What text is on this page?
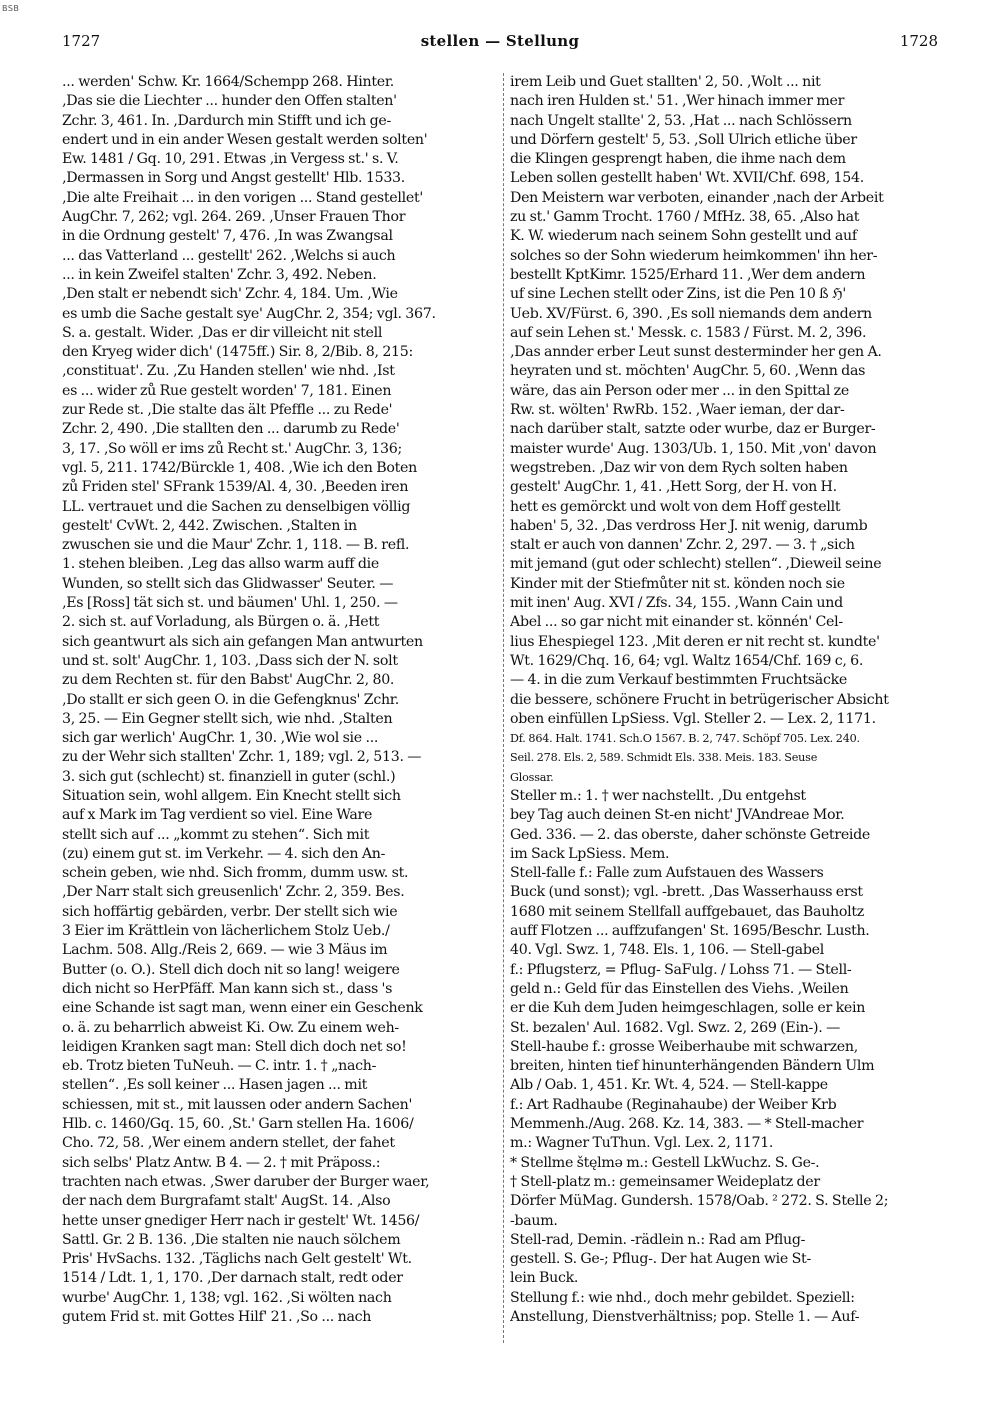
BSB
1727	stellen — Stellung	1728
... werden' Schw. Kr. 1664/Schempp 268. Hinter.
‚Das sie die Liechter ... hunder den Offen stalten'
Zchr. 3, 461. In. ‚Dardurch min Stifft und ich ge-
endert und in ein ander Wesen gestalt werden solten'
Ew. 1481 / Gq. 10, 291. Etwas ‚in Vergess st.' s. V.
‚Dermassen in Sorg und Angst gestellt' Hlb. 1533.
‚Die alte Freihait ... in den vorigen ... Stand gestellet'
AugChr. 7, 262; vgl. 264. 269. ‚Unser Frauen Thor
in die Ordnung gestelt' 7, 476. ‚In was Zwangsal
... das Vatterland ... gestellt' 262. ‚Welchs si auch
... in kein Zweifel stalten' Zchr. 3, 492. Neben.
‚Den stalt er nebendt sich' Zchr. 4, 184. Um. ‚Wie
es umb die Sache gestalt sye' AugChr. 2, 354; vgl. 367.
S. a. gestalt. Wider. ‚Das er dir villeicht nit stell
den Kryeg wider dich' (1475ff.) Sir. 8, 2/Bib. 8, 215:
‚constituat'. Zu. ‚Zu Handen stellen' wie nhd. ‚Ist
es ... wider zů Rue gestelt worden' 7, 181. Einen
zur Rede st. ‚Die stalte das ält Pfeffle ... zu Rede'
Zchr. 2, 490. ‚Die stallten den ... darumb zu Rede'
3, 17. ‚So wöll er ims zů Recht st.' AugChr. 3, 136;
vgl. 5, 211. 1742/Bürckle 1, 408. ‚Wie ich den Boten
zů Friden stel' SFrank 1539/Al. 4, 30. ‚Beeden iren
LL. vertrauet und die Sachen zu denselbigen völlig
gestelt' CvWt. 2, 442. Zwischen. ‚Stalten in
zwuschen sie und die Maur' Zchr. 1, 118. — B. refl.
1. stehen bleiben. ‚Leg das allso warm auff die
Wunden, so stellt sich das Glidwasser' Seuter. —
‚Es [Ross] tät sich st. und bäumen' Uhl. 1, 250. —
2. sich st. auf Vorladung, als Bürgen o. ä. ‚Hett
sich geantwurt als sich ain gefangen Man antwurten
und st. solt' AugChr. 1, 103. ‚Dass sich der N. solt
zu dem Rechten st. für den Babst' AugChr. 2, 80.
‚Do stallt er sich geen O. in die Gefengknus' Zchr.
3, 25. — Ein Gegner stellt sich, wie nhd. ‚Stalten
sich gar werlich' AugChr. 1, 30. ‚Wie wol sie ...
zu der Wehr sich stallten' Zchr. 1, 189; vgl. 2, 513. —
3. sich gut (schlecht) st. finanziell in guter (schl.)
Situation sein, wohl allgem. Ein Knecht stellt sich
auf x Mark im Tag verdient so viel. Eine Ware
stellt sich auf ... „kommt zu stehen“. Sich mit
(zu) einem gut st. im Verkehr. — 4. sich den An-
schein geben, wie nhd. Sich fromm, dumm usw. st.
‚Der Narr stalt sich greusenlich' Zchr. 2, 359. Bes.
sich hoffärtig gebärden, verbr. Der stellt sich wie
3 Eier im Krättlein von lächerlichem Stolz Ueb./
Lachm. 508. Allg./Reis 2, 669. — wie 3 Mäus im
Butter (o. O.). Stell dich doch nit so lang! weigere
dich nicht so HerPfäff. Man kann sich st., dass 's
eine Schande ist sagt man, wenn einer ein Geschenk
o. ä. zu beharrlich abweist Ki. Ow. Zu einem weh-
leidigen Kranken sagt man: Stell dich doch net so!
eb. Trotz bieten TuNeuh. — C. intr. 1. † „nach-
stellen“. ‚Es soll keiner ... Hasen jagen ... mit
schiessen, mit st., mit laussen oder andern Sachen'
Hlb. c. 1460/Gq. 15, 60. ‚St.' Garn stellen Ha. 1606/
Cho. 72, 58. ‚Wer einem andern stellet, der fahet
sich selbs' Platz Antw. B 4. — 2. † mit Präposs.:
trachten nach etwas. ‚Swer daruber der Burger waer,
der nach dem Burgrafamt stalt' AugSt. 14. ‚Also
hette unser gnediger Herr nach ir gestelt' Wt. 1456/
Sattl. Gr. 2 B. 136. ‚Die stalten nie nauch sölchem
Pris' HvSachs. 132. ‚Täglichs nach Gelt gestelt' Wt.
1514 / Ldt. 1, 1, 170. ‚Der darnach stalt, redt oder
wurbe' AugChr. 1, 138; vgl. 162. ‚Si wölten nach
gutem Frid st. mit Gottes Hilf' 21. ‚So ... nach
irem Leib und Guet stallten' 2, 50. ‚Wolt ... nit
nach iren Hulden st.' 51. ‚Wer hinach immer mer
nach Ungelt stallte' 2, 53. ‚Hat ... nach Schlössern
und Dörfern gestelt' 5, 53. ‚Soll Ulrich etliche über
die Klingen gesprengt haben, die ihme nach dem
Leben sollen gestellt haben' Wt. XVII/Chf. 698, 154.
Den Meistern war verboten, einander ‚nach der Arbeit
zu st.' Gamm Trocht. 1760 / MfHz. 38, 65. ‚Also hat
K. W. wiederum nach seinem Sohn gestellt und auf
solches so der Sohn wiederum heimkommen' ihn her-
bestellt KptKimr. 1525/Erhard 11. ‚Wer dem andern
uf sine Lechen stellt oder Zins, ist die Pen 10 ß ℌ'
Ueb. XV/Fürst. 6, 390. ‚Es soll niemands dem andern
auf sein Lehen st.' Messk. c. 1583 / Fürst. M. 2, 396.
‚Das annder erber Leut sunst desterminder her gen A.
heyraten und st. möchten' AugChr. 5, 60. ‚Wenn das
wäre, das ain Person oder mer ... in den Spittal ze
Rw. st. wölten' RwRb. 152. ‚Waer ieman, der dar-
nach darüber stalt, satzte oder wurbe, daz er Burger-
maister wurde' Aug. 1303/Ub. 1, 150. Mit ‚von' davon
wegstreben. ‚Daz wir von dem Rych solten haben
gestelt' AugChr. 1, 41. ‚Hett Sorg, der H. von H.
hett es gemörckt und wolt von dem Hoff gestellt
haben' 5, 32. ‚Das verdross Her J. nit wenig, darumb
stalt er auch von dannen' Zchr. 2, 297. — 3. † „sich
mit jemand (gut oder schlecht) stellen“. ‚Dieweil seine
Kinder mit der Stiefmůter nit st. könden noch sie
mit inen' Aug. XVI / Zfs. 34, 155. ‚Wann Cain und
Abel ... so gar nicht mit einander st. könnén' Cel-
lius Ehespiegel 123. ‚Mit deren er nit recht st. kundte'
Wt. 1629/Chq. 16, 64; vgl. Waltz 1654/Chf. 169 c, 6.
— 4. in die zum Verkauf bestimmten Fruchtsäcke
die bessere, schönere Frucht in betrügerischer Absicht
oben einfüllen LpSiess. Vgl. Steller 2. — Lex. 2, 1171.
Df. 864. Halt. 1741. Sch.O 1567. B. 2, 747. Schöpf 705. Lex. 240.
Seil. 278. Els. 2, 589. Schmidt Els. 338. Meis. 183. Seuse
Glossar.
Steller m.: 1. † wer nachstellt. ‚Du entgehst
bey Tag auch deinen St-en nicht' JVAndreae Mor.
Ged. 336. — 2. das oberste, daher schönste Getreide
im Sack LpSiess. Mem.
Stell-falle f.: Falle zum Aufstauen des Wassers
Buck (und sonst); vgl. -brett. ‚Das Wasserhauss erst
1680 mit seinem Stellfall auffgebauet, das Bauholtz
auff Flotzen ... auffzufangen' St. 1695/Beschr. Lusth.
40. Vgl. Swz. 1, 748. Els. 1, 106. — Stell-gabel
f.: Pflugsterz, = Pflug- SaFulg. / Lohss 71. — Stell-
geld n.: Geld für das Einstellen des Viehs. ‚Weilen
er die Kuh dem Juden heimgeschlagen, solle er kein
St. bezalen' Aul. 1682. Vgl. Swz. 2, 269 (Ein-). —
Stell-haube f.: grosse Weiberhaube mit schwarzen,
breiten, hinten tief hinunterhängenden Bändern Ulm
Alb / Oab. 1, 451. Kr. Wt. 4, 524. — Stell-kappe
f.: Art Radhaube (Reginahaube) der Weiber Krb
Memmenh./Aug. 268. Kz. 14, 383. — * Stell-macher
m.: Wagner TuThun. Vgl. Lex. 2, 1171.
* Stellme štęlmə m.: Gestell LkWuchz. S. Ge-.
† Stell-platz m.: gemeinsamer Weideplatz der
Dörfer MüMag. Gundersh. 1578/Oab. ² 272. S. Stelle 2;
-baum.
Stell-rad, Demin. -rädlein n.: Rad am Pflug-
gestell. S. Ge-; Pflug-. Der hat Augen wie St-
lein Buck.
Stellung f.: wie nhd., doch mehr gebildet. Speziell:
Anstellung, Dienstverhältniss; pop. Stelle 1. — Auf-
